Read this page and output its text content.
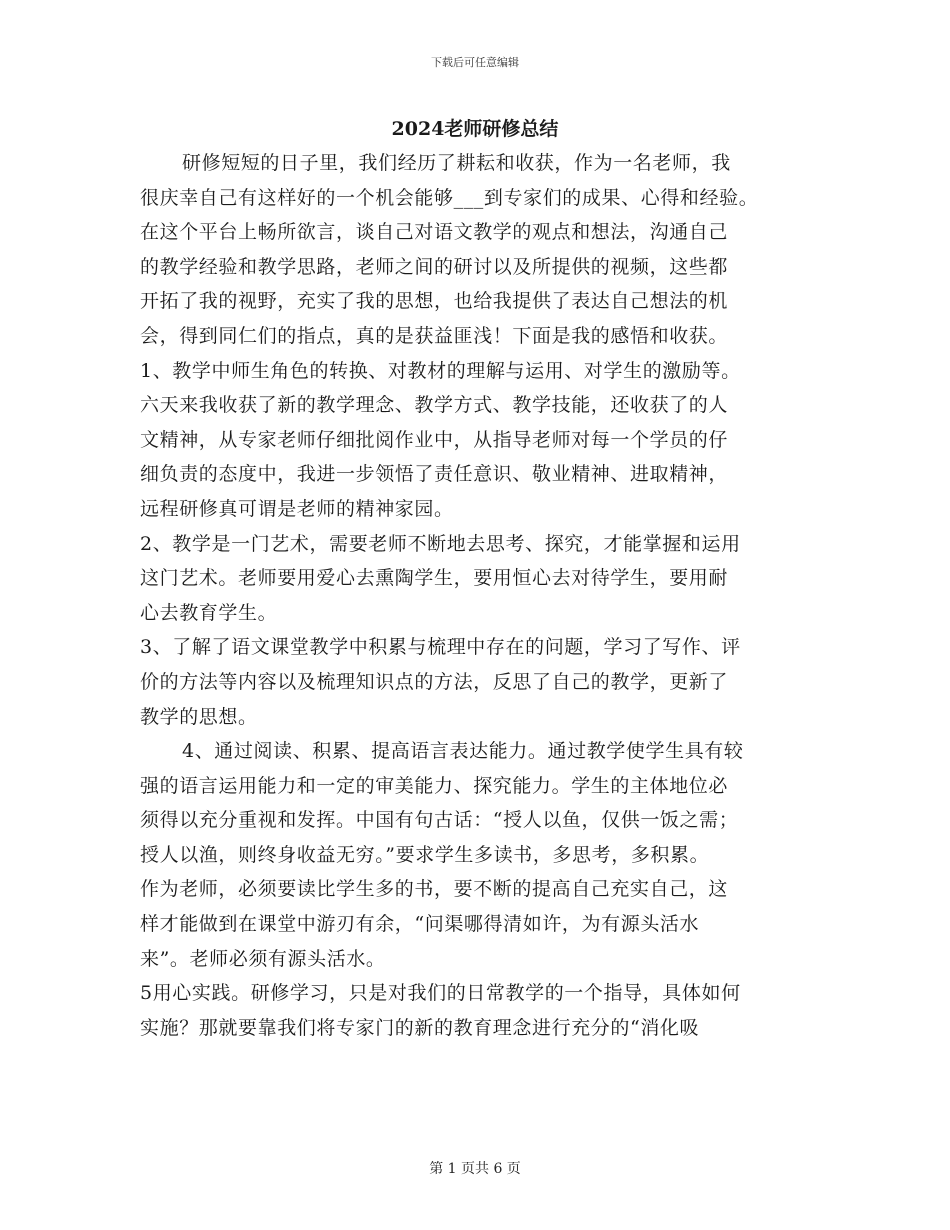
下载后可任意编辑
2024老师研修总结
研修短短的日子里，我们经历了耕耘和收获，作为一名老师，我
很庆幸自己有这样好的一个机会能够___到专家们的成果、心得和经验。
在这个平台上畅所欲言，谈自己对语文教学的观点和想法，沟通自己
的教学经验和教学思路，老师之间的研讨以及所提供的视频，这些都
开拓了我的视野，充实了我的思想，也给我提供了表达自己想法的机
会，得到同仁们的指点，真的是获益匪浅！下面是我的感悟和收获。
1、教学中师生角色的转换、对教材的理解与运用、对学生的激励等。
六天来我收获了新的教学理念、教学方式、教学技能，还收获了的人
文精神，从专家老师仔细批阅作业中，从指导老师对每一个学员的仔
细负责的态度中，我进一步领悟了责任意识、敬业精神、进取精神，
远程研修真可谓是老师的精神家园。
2、教学是一门艺术，需要老师不断地去思考、探究，才能掌握和运用
这门艺术。老师要用爱心去熏陶学生，要用恒心去对待学生，要用耐
心去教育学生。
3、了解了语文课堂教学中积累与梳理中存在的问题，学习了写作、评
价的方法等内容以及梳理知识点的方法，反思了自己的教学，更新了
教学的思想。
4、通过阅读、积累、提高语言表达能力。通过教学使学生具有较
强的语言运用能力和一定的审美能力、探究能力。学生的主体地位必
须得以充分重视和发挥。中国有句古话：“授人以鱼，仅供一饭之需；
授人以渔，则终身收益无穷。”要求学生多读书，多思考，多积累。
作为老师，必须要读比学生多的书，要不断的提高自己充实自己，这
样才能做到在课堂中游刃有余，“问渠哪得清如许，为有源头活水
来”。老师必须有源头活水。
5用心实践。研修学习，只是对我们的日常教学的一个指导，具体如何
实施？那就要靠我们将专家门的新的教育理念进行充分的“消化吸
第 1 页共 6 页
